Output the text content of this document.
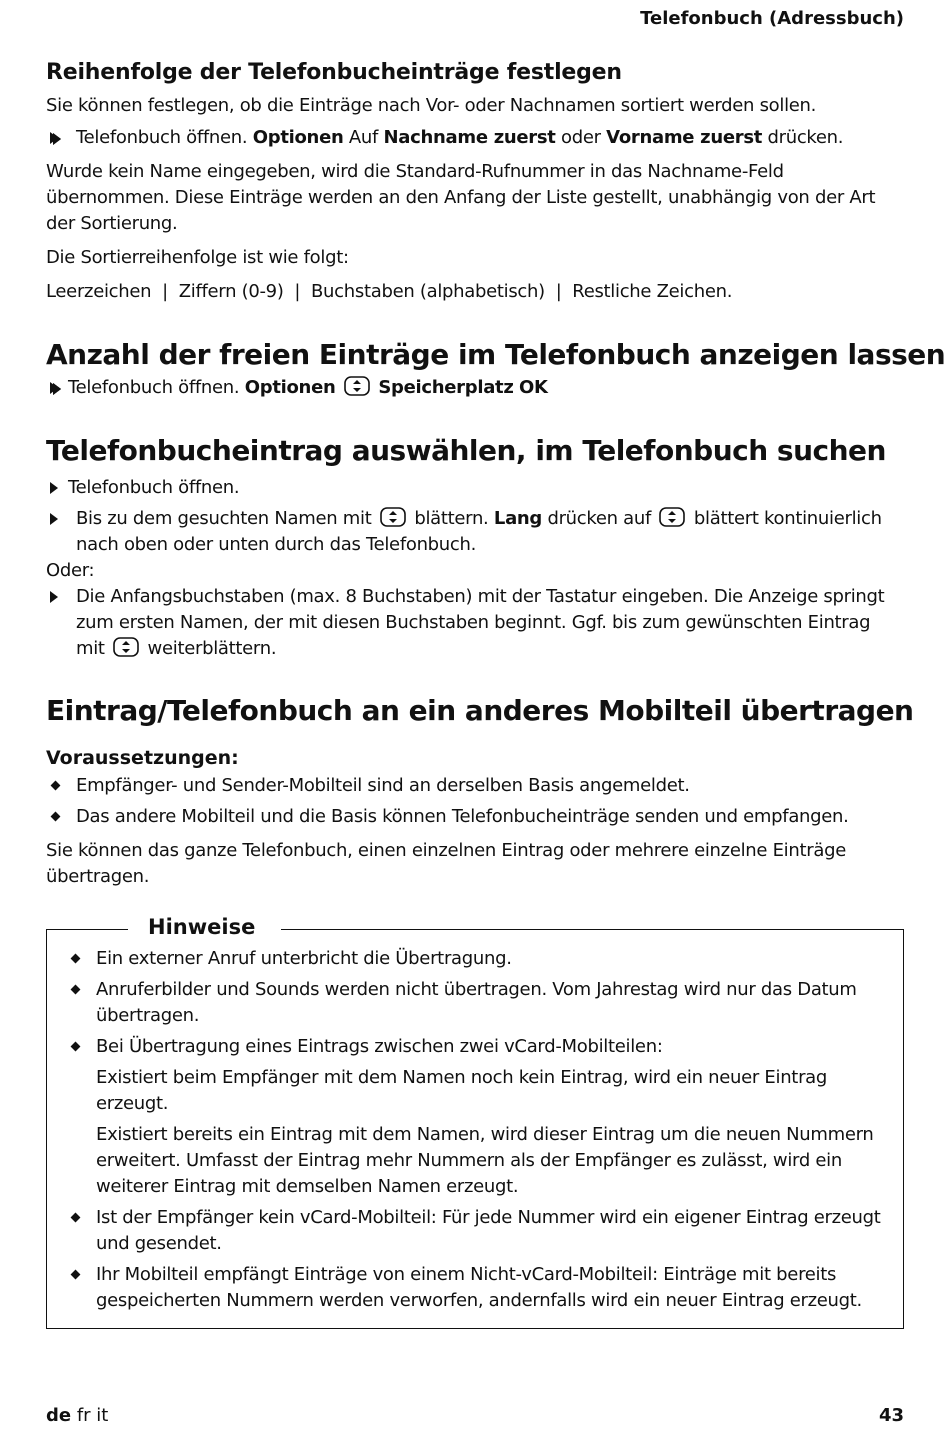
Telefonbuch (Adressbuch)
Reihenfolge der Telefonbucheinträge festlegen

Sie können festlegen, ob die Einträge nach Vor- oder Nachnamen sortiert werden sollen.

Telefonbuch öffnen. Optionen Auf Nachname zuerst oder Vorname zuerst drücken.

Wurde kein Name eingegeben, wird die Standard-Rufnummer in das Nachname-Feld übernommen. Diese Einträge werden an den Anfang der Liste gestellt, unabhängig von der Art der Sortierung.

Die Sortierreihenfolge ist wie folgt:

Leerzeichen  |  Ziffern (0-9)  |  Buchstaben (alphabetisch)  |  Restliche Zeichen.

Anzahl der freien Einträge im Telefonbuch anzeigen lassen
Telefonbuch öffnen. Optionen Speicherplatz OK
Telefonbucheintrag auswählen, im Telefonbuch suchen
Telefonbuch öffnen.
Bis zu dem gesuchten Namen mit blättern. Lang drücken auf blättert kontinuierlich nach oben oder unten durch das Telefonbuch.

Oder:

Die Anfangsbuchstaben (max. 8 Buchstaben) mit der Tastatur eingeben. Die Anzeige springt zum ersten Namen, der mit diesen Buchstaben beginnt. Ggf. bis zum gewünschten Eintrag mit weiterblättern.
Eintrag/Telefonbuch an ein anderes Mobilteil übertragen
Voraussetzungen:
Empfänger- und Sender-Mobilteil sind an derselben Basis angemeldet.
Das andere Mobilteil und die Basis können Telefonbucheinträge senden und empfangen.

Sie können das ganze Telefonbuch, einen einzelnen Eintrag oder mehrere einzelne Einträge übertragen.

Hinweise
Ein externer Anruf unterbricht die Übertragung.
Anruferbilder und Sounds werden nicht übertragen. Vom Jahrestag wird nur das Datum übertragen.
Bei Übertragung eines Eintrags zwischen zwei vCard-Mobilteilen:
Existiert beim Empfänger mit dem Namen noch kein Eintrag, wird ein neuer Eintrag erzeugt.
Existiert bereits ein Eintrag mit dem Namen, wird dieser Eintrag um die neuen Nummern erweitert. Umfasst der Eintrag mehr Nummern als der Empfänger es zulässt, wird ein weiterer Eintrag mit demselben Namen erzeugt.
Ist der Empfänger kein vCard-Mobilteil: Für jede Nummer wird ein eigener Eintrag erzeugt und gesendet.
Ihr Mobilteil empfängt Einträge von einem Nicht-vCard-Mobilteil: Einträge mit bereits gespeicherten Nummern werden verworfen, andernfalls wird ein neuer Eintrag erzeugt.
de fr it	43
